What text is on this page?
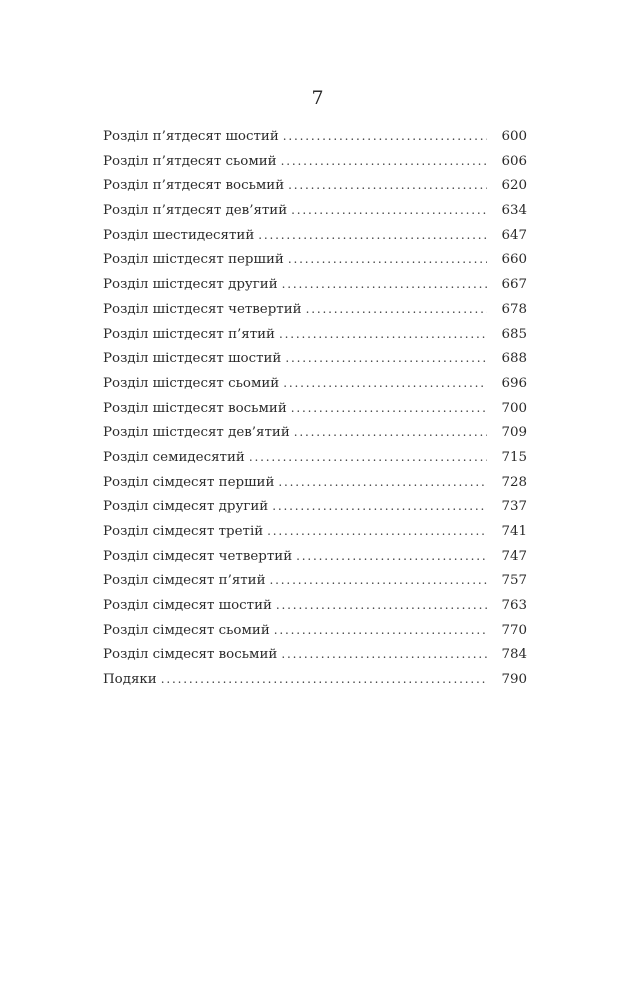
7
Розділ п’ятдесят шостий . . .	600
Розділ п’ятдесят сьомий . . .	606
Розділ п’ятдесят восьмий . . .	620
Розділ п’ятдесят дев’ятий . . .	634
Розділ шестидесятий . . .	647
Розділ шістдесят перший . . .	660
Розділ шістдесят другий . . .	667
Розділ шістдесят четвертий . . .	678
Розділ шістдесят п’ятий . . .	685
Розділ шістдесят шостий . . .	688
Розділ шістдесят сьомий . . .	696
Розділ шістдесят восьмий . . .	700
Розділ шістдесят дев’ятий . . .	709
Розділ семидесятий . . .	715
Розділ сімдесят перший . . .	728
Розділ сімдесят другий . . .	737
Розділ сімдесят третій . . .	741
Розділ сімдесят четвертий . . .	747
Розділ сімдесят п’ятий . . .	757
Розділ сімдесят шостий . . .	763
Розділ сімдесят сьомий . . .	770
Розділ сімдесят восьмий . . .	784
Подяки . . .	790
